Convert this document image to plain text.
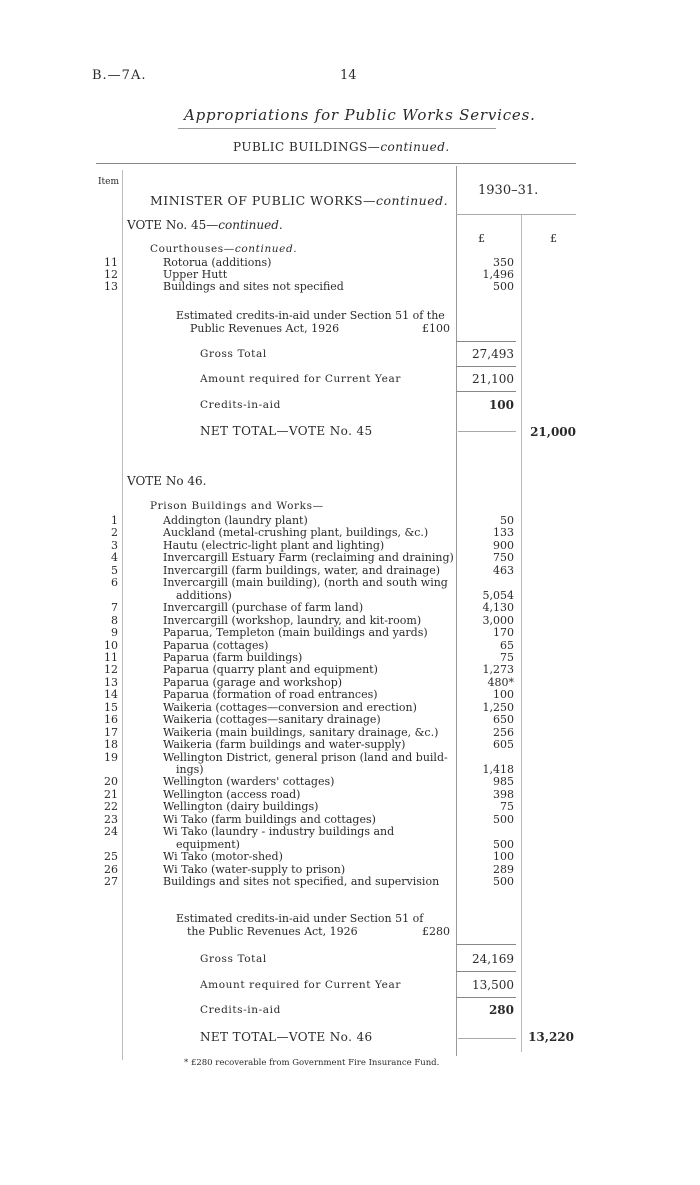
B.—7A.	14
Appropriations for Public Works Services.
PUBLIC BUILDINGS—continued.
Item
1930–31.
£	£
MINISTER OF PUBLIC WORKS—continued.
VOTE No. 45—continued.
Courthouses—continued.
11	Rotorua (additions)	350
12	Upper Hutt	1,496
13	Buildings and sites not specified	500
Estimated credits-in-aid under Section 51 of the
Public Revenues Act, 1926	£100
Gross Total	27,493
Amount required for Current Year	21,100
Credits-in-aid	100
NET TOTAL—VOTE No. 45	21,000
VOTE No 46.
Prison Buildings and Works—
1	Addington (laundry plant)	50
2	Auckland (metal-crushing plant, buildings, &c.)	133
3	Hautu (electric-light plant and lighting)	900
4	Invercargill Estuary Farm (reclaiming and draining)	750
5	Invercargill (farm buildings, water, and drainage)	463
6	Invercargill (main building), (north and south wing
additions)	5,054
7	Invercargill (purchase of farm land)	4,130
8	Invercargill (workshop, laundry, and kit-room)	3,000
9	Paparua, Templeton (main buildings and yards)	170
10	Paparua (cottages)	65
11	Paparua (farm buildings)	75
12	Paparua (quarry plant and equipment)	1,273
13	Paparua (garage and workshop)	480*
14	Paparua (formation of road entrances)	100
15	Waikeria (cottages—conversion and erection)	1,250
16	Waikeria (cottages—sanitary drainage)	650
17	Waikeria (main buildings, sanitary drainage, &c.)	256
18	Waikeria (farm buildings and water-supply)	605
19	Wellington District, general prison (land and build-
ings)	1,418
20	Wellington (warders' cottages)	985
21	Wellington (access road)	398
22	Wellington (dairy buildings)	75
23	Wi Tako (farm buildings and cottages)	500
24	Wi Tako (laundry - industry buildings and
equipment)	500
25	Wi Tako (motor-shed)	100
26	Wi Tako (water-supply to prison)	289
27	Buildings and sites not specified, and supervision	500
Estimated credits-in-aid under Section 51 of
the Public Revenues Act, 1926	£280
Gross Total	24,169
Amount required for Current Year	13,500
Credits-in-aid	280
NET TOTAL—VOTE No. 46	13,220
* £280 recoverable from Government Fire Insurance Fund.
